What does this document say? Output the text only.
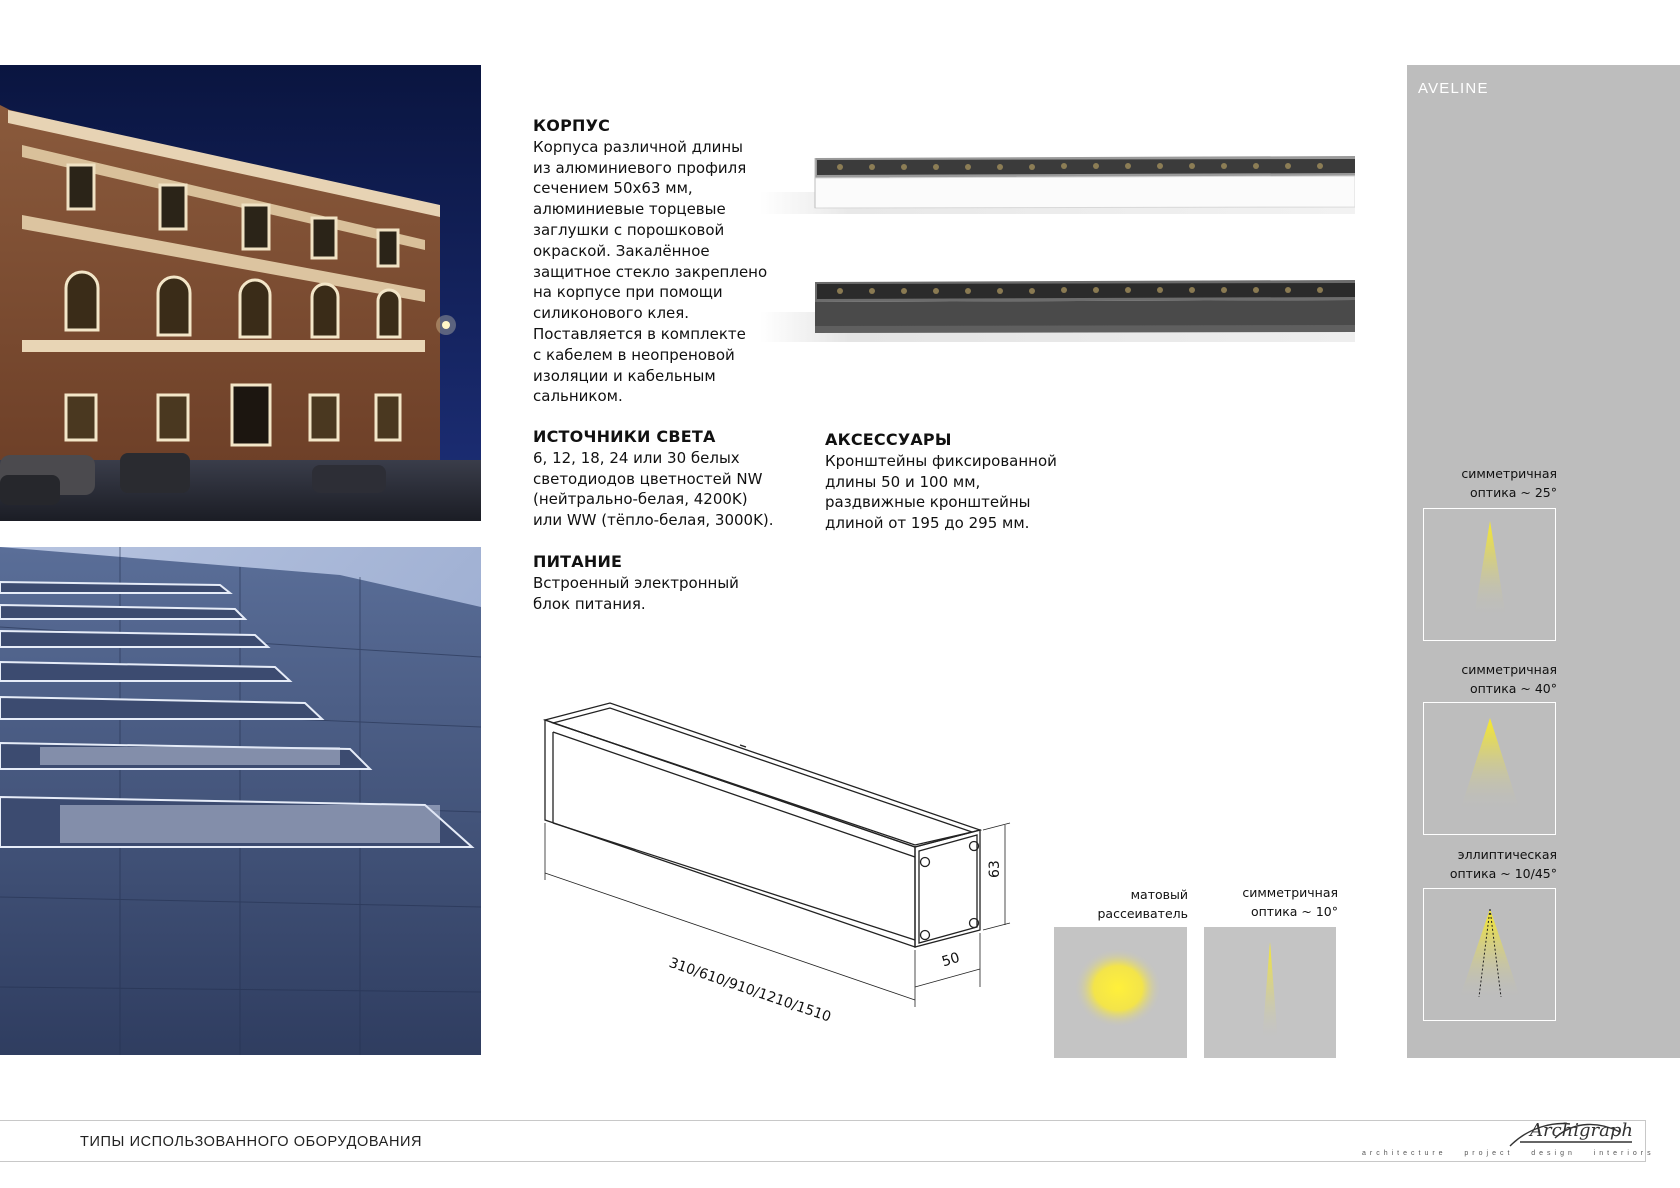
КОРПУС

Корпуса различной длины
из алюминиевого профиля
сечением 50х63 мм,
алюминиевые торцевые
заглушки с порошковой
окраской. Закалённое
защитное стекло закреплено
на корпусе при помощи
силиконового клея.
Поставляется в комплекте
с кабелем в неопреновой
изоляции и кабельным
сальником.

ИСТОЧНИКИ СВЕТА

6, 12, 18, 24 или 30 белых
светодиодов цветностей NW
(нейтрально-белая, 4200K)
или WW (тёпло-белая, 3000K).

ПИТАНИЕ

Встроенный электронный
блок питания.

АКСЕССУАРЫ

Кронштейны фиксированной
длины 50 и 100 мм,
раздвижные кронштейны
длиной от 195 до 295 мм.

310/610/910/1210/1510
63
50
матовый
рассеиватель
симметричная
оптика ~ 10°
AVELINE
симметричная
оптика ~ 25°
симметричная
оптика ~ 40°
эллиптическая
оптика ~ 10/45°
ТИПЫ ИСПОЛЬЗОВАННОГО ОБОРУДОВАНИЯ
Archigraph
architecture   project   design   interiors
